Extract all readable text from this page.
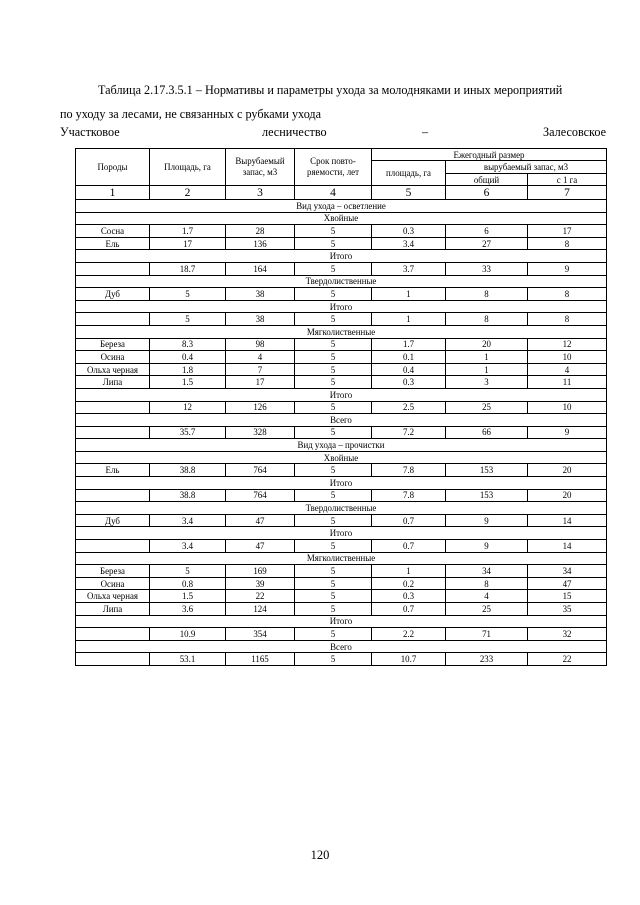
Таблица 2.17.3.5.1 – Нормативы и параметры ухода за молодняками и иных мероприятий

по уходу за лесами, не связанных с рубками ухода

Участковое	лесничество	–	Залесовское
Породы	Площадь, га	Вырубаемый запас, м3	Срок повто-ряемости, лет	Ежегодный размер		
				площадь, га	вырубаемый запас, м3	
					общий	с 1 га
1	2	3	4	5	6	7
Вид ухода – осветление						
Хвойные						
Сосна	1.7	28	5	0.3	6	17
Ель	17	136	5	3.4	27	8
Итого						
	18.7	164	5	3.7	33	9
Твердолиственные						
Дуб	5	38	5	1	8	8
Итого						
	5	38	5	1	8	8
Мягколиственные						
Береза	8.3	98	5	1.7	20	12
Осина	0.4	4	5	0.1	1	10
Ольха черная	1.8	7	5	0.4	1	4
Липа	1.5	17	5	0.3	3	11
Итого						
	12	126	5	2.5	25	10
Всего						
	35.7	328	5	7.2	66	9
Вид ухода – прочистки						
Хвойные						
Ель	38.8	764	5	7.8	153	20
Итого						
	38.8	764	5	7.8	153	20
Твердолиственные						
Дуб	3.4	47	5	0.7	9	14
Итого						
	3.4	47	5	0.7	9	14
Мягколиственные						
Береза	5	169	5	1	34	34
Осина	0.8	39	5	0.2	8	47
Ольха черная	1.5	22	5	0.3	4	15
Липа	3.6	124	5	0.7	25	35
Итого						
	10.9	354	5	2.2	71	32
Всего						
	53.1	1165	5	10.7	233	22
120
